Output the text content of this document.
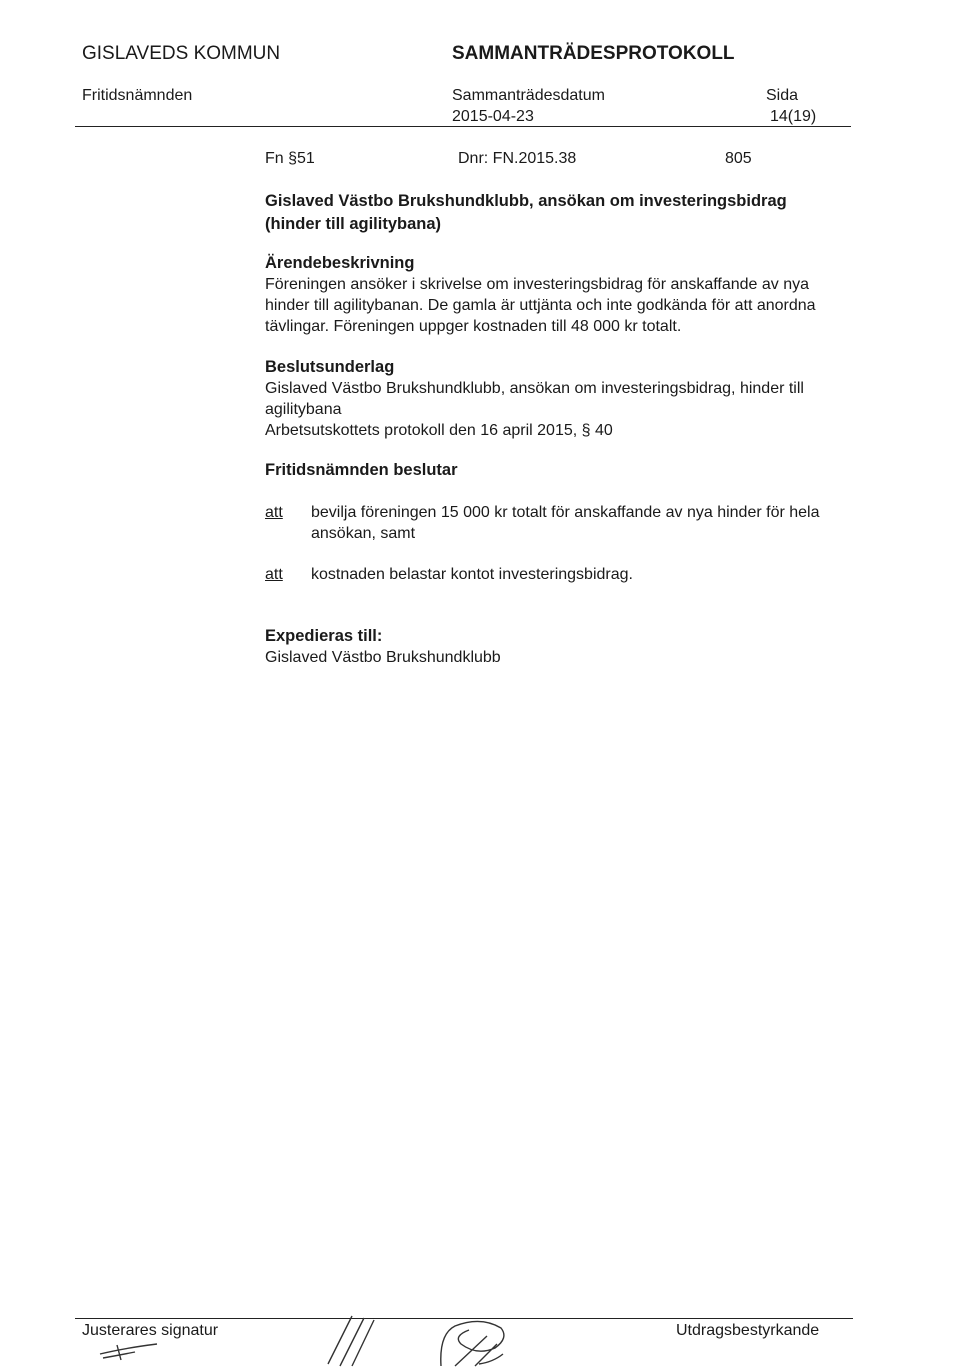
GISLAVEDS KOMMUN	SAMMANTRÄDESPROTOKOLL
Fritidsnämnden	Sammanträdesdatum
2015-04-23
Sida
14(19)
Fn §51	Dnr: FN.2015.38	805
Gislaved Västbo Brukshundklubb, ansökan om investeringsbidrag
(hinder till agilitybana)
Ärendebeskrivning
Föreningen ansöker i skrivelse om investeringsbidrag för anskaffande av nya hinder till agilitybanan. De gamla är uttjänta och inte godkända för att anordna tävlingar. Föreningen uppger kostnaden till 48 000 kr totalt.
Beslutsunderlag
Gislaved Västbo Brukshundklubb, ansökan om investeringsbidrag, hinder till agilitybana
Arbetsutskottets protokoll den 16 april 2015, § 40
Fritidsnämnden beslutar
att bevilja föreningen 15 000 kr totalt för anskaffande av nya hinder för hela ansökan, samt
att kostnaden belastar kontot investeringsbidrag.
Expedieras till:
Gislaved Västbo Brukshundklubb
Justerares signatur	Utdragsbestyrkande
